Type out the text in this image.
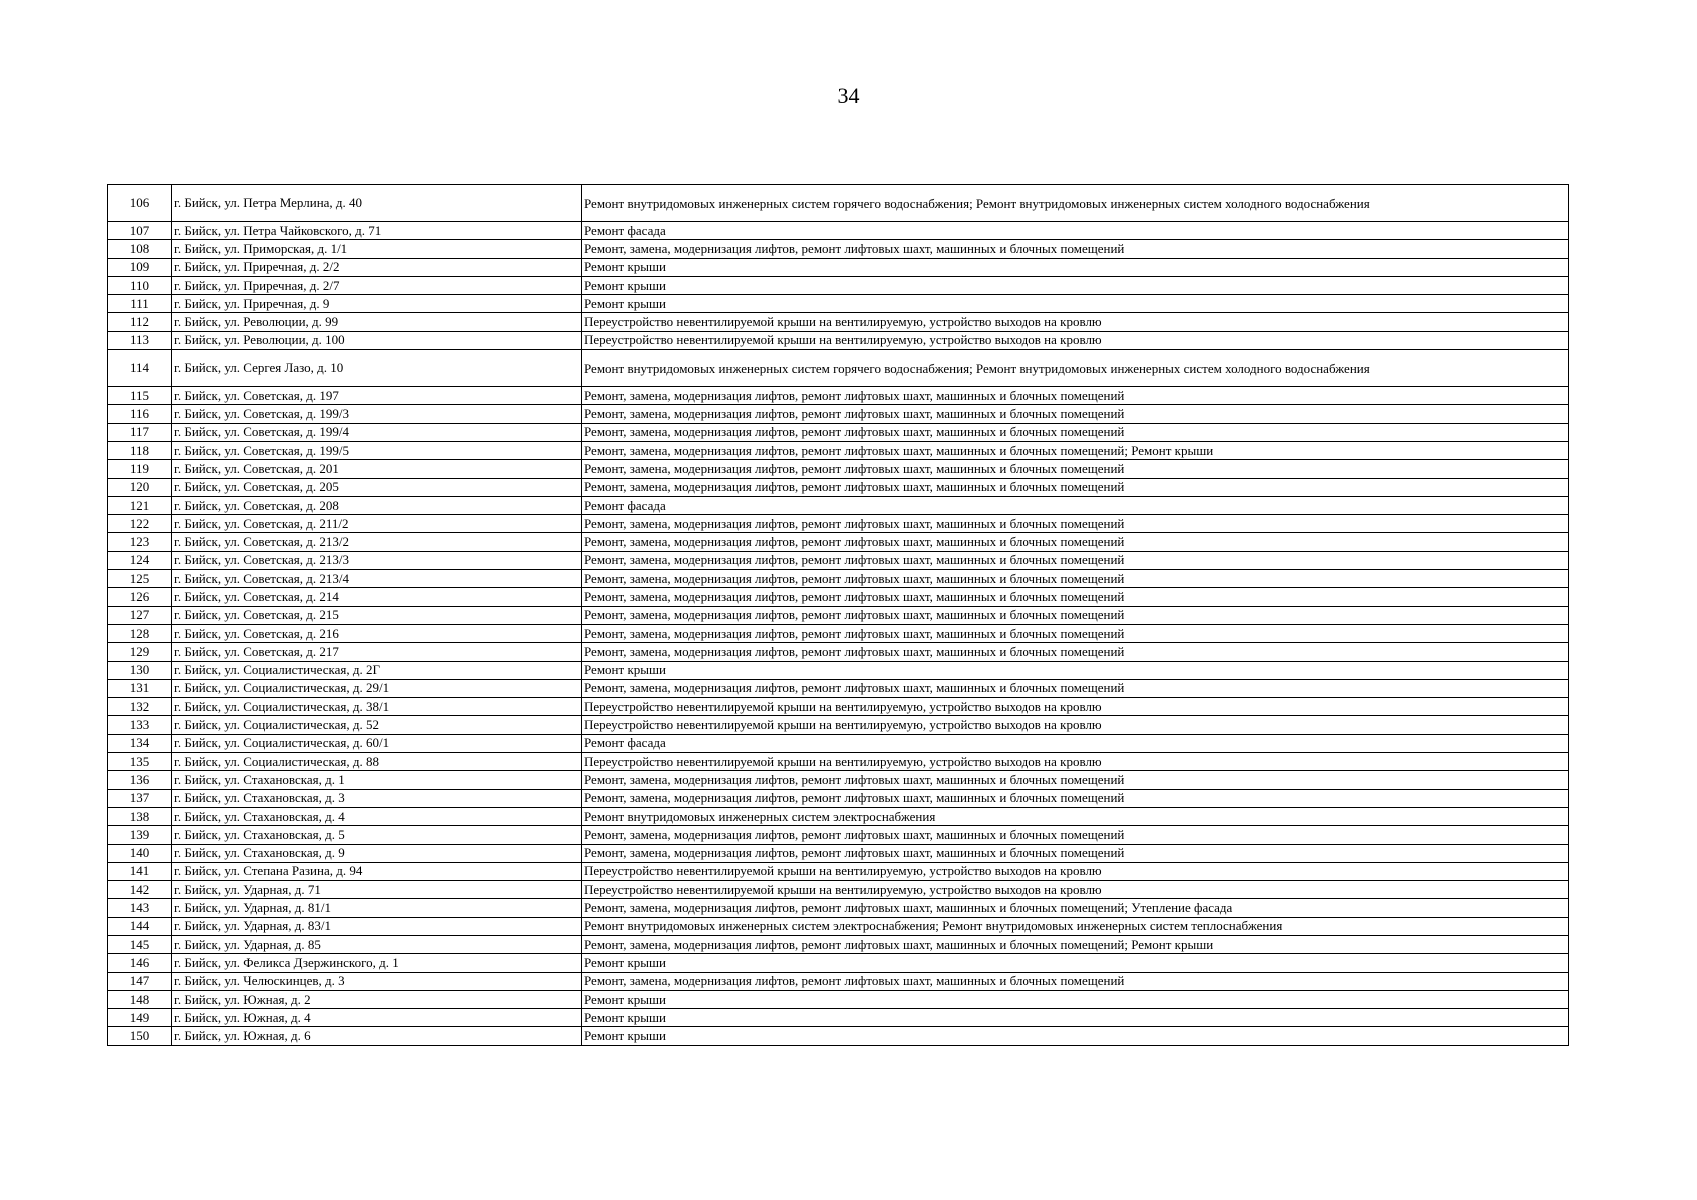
34
106	г. Бийск, ул. Петра Мерлина, д. 40	Ремонт внутридомовых инженерных систем горячего водоснабжения; Ремонт внутридомовых инженерных систем холодного водоснабжения
107	г. Бийск, ул. Петра Чайковского, д. 71	Ремонт фасада
108	г. Бийск, ул. Приморская, д. 1/1	Ремонт, замена, модернизация лифтов, ремонт лифтовых шахт, машинных и блочных помещений
109	г. Бийск, ул. Приречная, д. 2/2	Ремонт крыши
110	г. Бийск, ул. Приречная, д. 2/7	Ремонт крыши
111	г. Бийск, ул. Приречная, д. 9	Ремонт крыши
112	г. Бийск, ул. Революции, д. 99	Переустройство невентилируемой крыши на вентилируемую, устройство выходов на кровлю
113	г. Бийск, ул. Революции, д. 100	Переустройство невентилируемой крыши на вентилируемую, устройство выходов на кровлю
114	г. Бийск, ул. Сергея Лазо, д. 10	Ремонт внутридомовых инженерных систем горячего водоснабжения; Ремонт внутридомовых инженерных систем холодного водоснабжения
115	г. Бийск, ул. Советская, д. 197	Ремонт, замена, модернизация лифтов, ремонт лифтовых шахт, машинных и блочных помещений
116	г. Бийск, ул. Советская, д. 199/3	Ремонт, замена, модернизация лифтов, ремонт лифтовых шахт, машинных и блочных помещений
117	г. Бийск, ул. Советская, д. 199/4	Ремонт, замена, модернизация лифтов, ремонт лифтовых шахт, машинных и блочных помещений
118	г. Бийск, ул. Советская, д. 199/5	Ремонт, замена, модернизация лифтов, ремонт лифтовых шахт, машинных и блочных помещений; Ремонт крыши
119	г. Бийск, ул. Советская, д. 201	Ремонт, замена, модернизация лифтов, ремонт лифтовых шахт, машинных и блочных помещений
120	г. Бийск, ул. Советская, д. 205	Ремонт, замена, модернизация лифтов, ремонт лифтовых шахт, машинных и блочных помещений
121	г. Бийск, ул. Советская, д. 208	Ремонт фасада
122	г. Бийск, ул. Советская, д. 211/2	Ремонт, замена, модернизация лифтов, ремонт лифтовых шахт, машинных и блочных помещений
123	г. Бийск, ул. Советская, д. 213/2	Ремонт, замена, модернизация лифтов, ремонт лифтовых шахт, машинных и блочных помещений
124	г. Бийск, ул. Советская, д. 213/3	Ремонт, замена, модернизация лифтов, ремонт лифтовых шахт, машинных и блочных помещений
125	г. Бийск, ул. Советская, д. 213/4	Ремонт, замена, модернизация лифтов, ремонт лифтовых шахт, машинных и блочных помещений
126	г. Бийск, ул. Советская, д. 214	Ремонт, замена, модернизация лифтов, ремонт лифтовых шахт, машинных и блочных помещений
127	г. Бийск, ул. Советская, д. 215	Ремонт, замена, модернизация лифтов, ремонт лифтовых шахт, машинных и блочных помещений
128	г. Бийск, ул. Советская, д. 216	Ремонт, замена, модернизация лифтов, ремонт лифтовых шахт, машинных и блочных помещений
129	г. Бийск, ул. Советская, д. 217	Ремонт, замена, модернизация лифтов, ремонт лифтовых шахт, машинных и блочных помещений
130	г. Бийск, ул. Социалистическая, д. 2Г	Ремонт крыши
131	г. Бийск, ул. Социалистическая, д. 29/1	Ремонт, замена, модернизация лифтов, ремонт лифтовых шахт, машинных и блочных помещений
132	г. Бийск, ул. Социалистическая, д. 38/1	Переустройство невентилируемой крыши на вентилируемую, устройство выходов на кровлю
133	г. Бийск, ул. Социалистическая, д. 52	Переустройство невентилируемой крыши на вентилируемую, устройство выходов на кровлю
134	г. Бийск, ул. Социалистическая, д. 60/1	Ремонт фасада
135	г. Бийск, ул. Социалистическая, д. 88	Переустройство невентилируемой крыши на вентилируемую, устройство выходов на кровлю
136	г. Бийск, ул. Стахановская, д. 1	Ремонт, замена, модернизация лифтов, ремонт лифтовых шахт, машинных и блочных помещений
137	г. Бийск, ул. Стахановская, д. 3	Ремонт, замена, модернизация лифтов, ремонт лифтовых шахт, машинных и блочных помещений
138	г. Бийск, ул. Стахановская, д. 4	Ремонт внутридомовых инженерных систем электроснабжения
139	г. Бийск, ул. Стахановская, д. 5	Ремонт, замена, модернизация лифтов, ремонт лифтовых шахт, машинных и блочных помещений
140	г. Бийск, ул. Стахановская, д. 9	Ремонт, замена, модернизация лифтов, ремонт лифтовых шахт, машинных и блочных помещений
141	г. Бийск, ул. Степана Разина, д. 94	Переустройство невентилируемой крыши на вентилируемую, устройство выходов на кровлю
142	г. Бийск, ул. Ударная, д. 71	Переустройство невентилируемой крыши на вентилируемую, устройство выходов на кровлю
143	г. Бийск, ул. Ударная, д. 81/1	Ремонт, замена, модернизация лифтов, ремонт лифтовых шахт, машинных и блочных помещений; Утепление фасада
144	г. Бийск, ул. Ударная, д. 83/1	Ремонт внутридомовых инженерных систем электроснабжения; Ремонт внутридомовых инженерных систем теплоснабжения
145	г. Бийск, ул. Ударная, д. 85	Ремонт, замена, модернизация лифтов, ремонт лифтовых шахт, машинных и блочных помещений; Ремонт крыши
146	г. Бийск, ул. Феликса Дзержинского, д. 1	Ремонт крыши
147	г. Бийск, ул. Челюскинцев, д. 3	Ремонт, замена, модернизация лифтов, ремонт лифтовых шахт, машинных и блочных помещений
148	г. Бийск, ул. Южная, д. 2	Ремонт крыши
149	г. Бийск, ул. Южная, д. 4	Ремонт крыши
150	г. Бийск, ул. Южная, д. 6	Ремонт крыши
